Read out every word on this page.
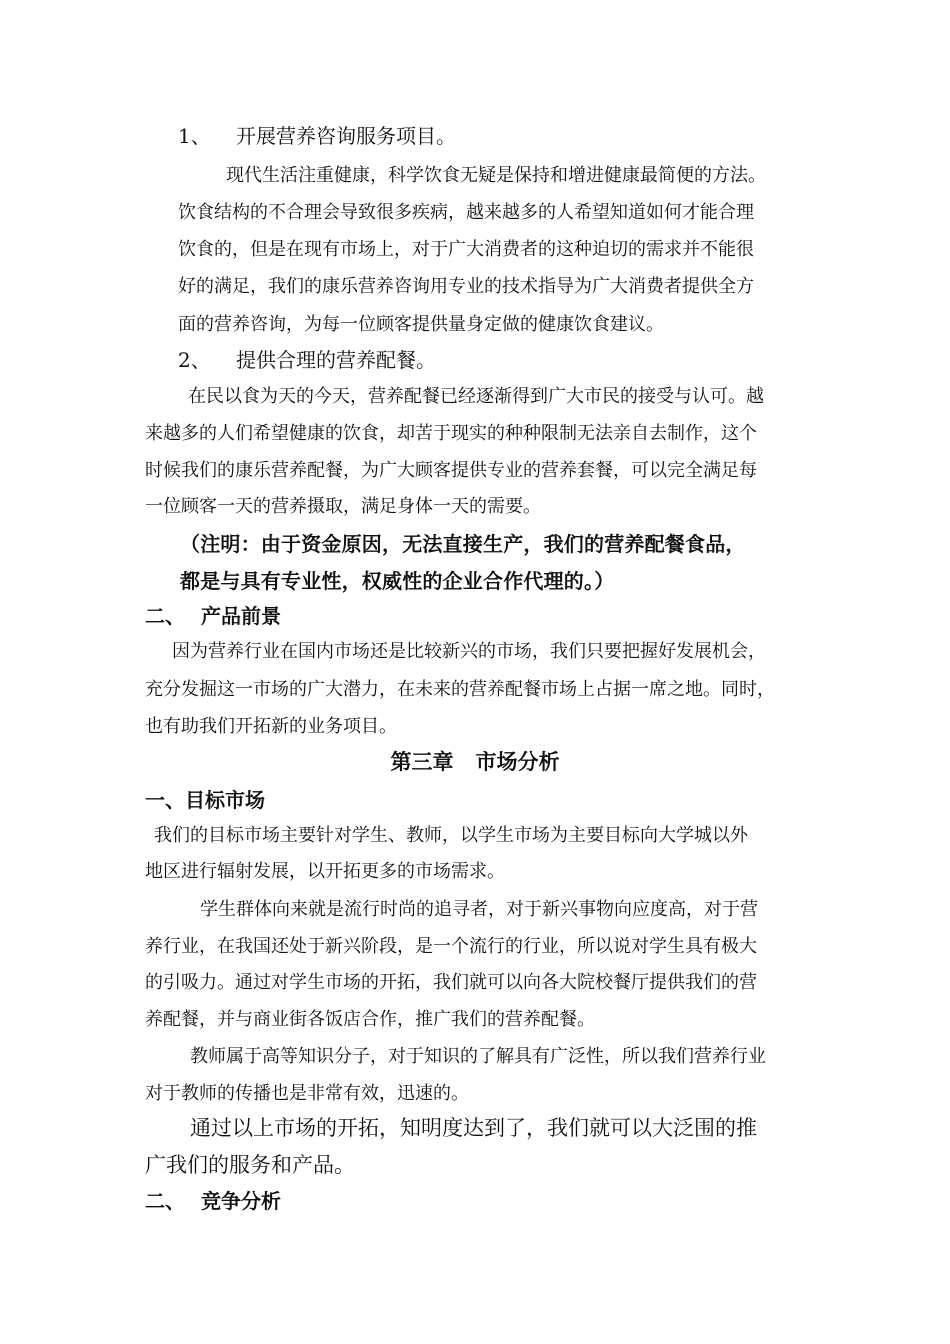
1、 开展营养咨询服务项目。
现代生活注重健康，科学饮食无疑是保持和增进健康最简便的方法。
饮食结构的不合理会导致很多疾病，越来越多的人希望知道如何才能合理
饮食的，但是在现有市场上，对于广大消费者的这种迫切的需求并不能很
好的满足，我们的康乐营养咨询用专业的技术指导为广大消费者提供全方
面的营养咨询，为每一位顾客提供量身定做的健康饮食建议。
2、 提供合理的营养配餐。
在民以食为天的今天，营养配餐已经逐渐得到广大市民的接受与认可。越
来越多的人们希望健康的饮食，却苦于现实的种种限制无法亲自去制作，这个
时候我们的康乐营养配餐，为广大顾客提供专业的营养套餐，可以完全满足每
一位顾客一天的营养摄取，满足身体一天的需要。
（注明：由于资金原因，无法直接生产，我们的营养配餐食品，
都是与具有专业性，权威性的企业合作代理的。）
二、 产品前景
因为营养行业在国内市场还是比较新兴的市场，我们只要把握好发展机会，
充分发掘这一市场的广大潜力，在未来的营养配餐市场上占据一席之地。同时，
也有助我们开拓新的业务项目。
第三章 市场分析
一、目标市场
我们的目标市场主要针对学生、教师，以学生市场为主要目标向大学城以外
地区进行辐射发展，以开拓更多的市场需求。
学生群体向来就是流行时尚的追寻者，对于新兴事物向应度高，对于营
养行业，在我国还处于新兴阶段，是一个流行的行业，所以说对学生具有极大
的引吸力。通过对学生市场的开拓，我们就可以向各大院校餐厅提供我们的营
养配餐，并与商业街各饭店合作，推广我们的营养配餐。
教师属于高等知识分子，对于知识的了解具有广泛性，所以我们营养行业
对于教师的传播也是非常有效，迅速的。
通过以上市场的开拓，知明度达到了，我们就可以大泛围的推
广我们的服务和产品。
二、 竞争分析
